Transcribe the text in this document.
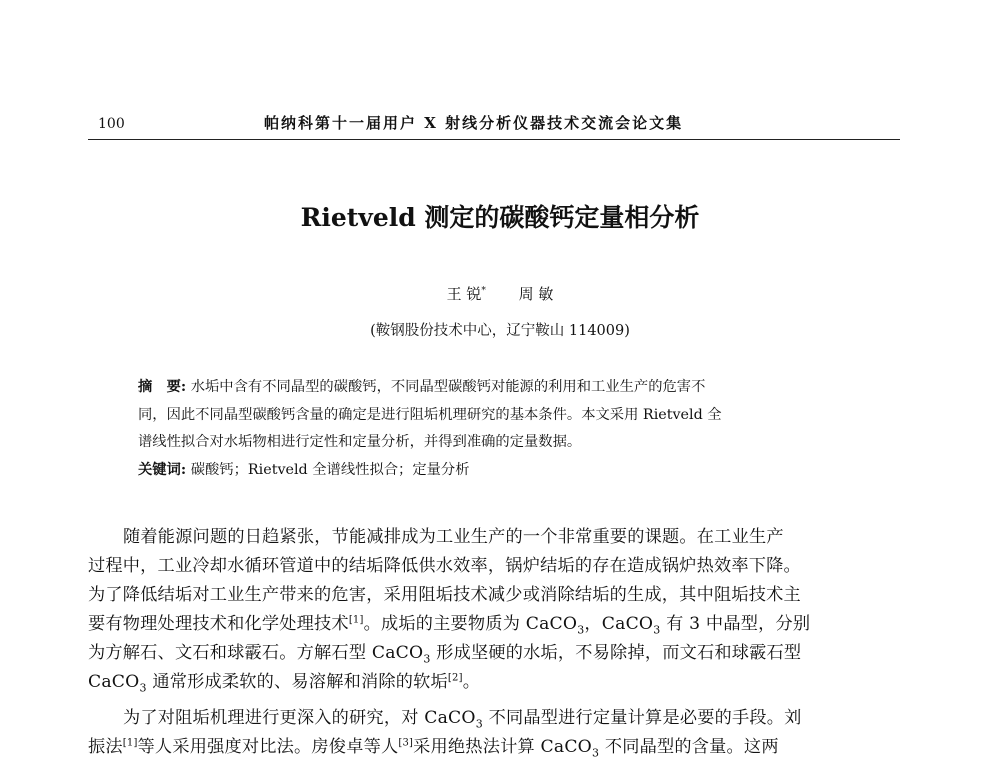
100	帕纳科第十一届用户 X 射线分析仪器技术交流会论文集
Rietveld 测定的碳酸钙定量相分析
王 锐* 周 敏
(鞍钢股份技术中心，辽宁鞍山 114009)
摘　要: 水垢中含有不同晶型的碳酸钙，不同晶型碳酸钙对能源的利用和工业生产的危害不
同，因此不同晶型碳酸钙含量的确定是进行阻垢机理研究的基本条件。本文采用 Rietveld 全
谱线性拟合对水垢物相进行定性和定量分析，并得到准确的定量数据。
关键词: 碳酸钙；Rietveld 全谱线性拟合；定量分析
随着能源问题的日趋紧张，节能减排成为工业生产的一个非常重要的课题。在工业生产
过程中，工业冷却水循环管道中的结垢降低供水效率，锅炉结垢的存在造成锅炉热效率下降。
为了降低结垢对工业生产带来的危害，采用阻垢技术减少或消除结垢的生成，其中阻垢技术主
要有物理处理技术和化学处理技术[1]。成垢的主要物质为 CaCO$_3$，CaCO$_3$ 有 3 中晶型，分别
为方解石、文石和球霰石。方解石型 CaCO$_3$ 形成坚硬的水垢，不易除掉，而文石和球霰石型
CaCO$_3$ 通常形成柔软的、易溶解和消除的软垢[2]。
为了对阻垢机理进行更深入的研究，对 CaCO$_3$ 不同晶型进行定量计算是必要的手段。刘
振法[1]等人采用强度对比法。房俊卓等人[3]采用绝热法计算 CaCO$_3$ 不同晶型的含量。这两
